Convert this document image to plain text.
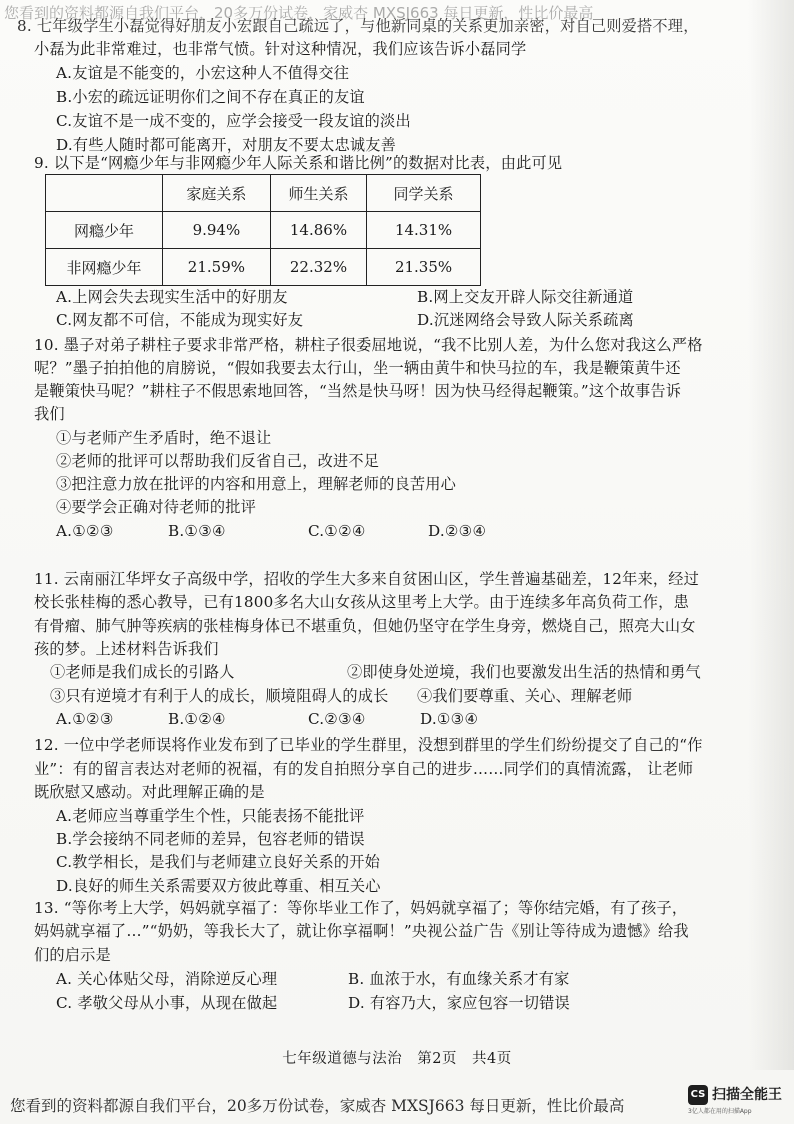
8. 七年级学生小磊觉得好朋友小宏跟自己疏远了，与他新同桌的关系更加亲密，对自己则爱搭不理，
小磊为此非常难过，也非常气愤。针对这种情况，我们应该告诉小磊同学
A.友谊是不能变的，小宏这种人不值得交往
B.小宏的疏远证明你们之间不存在真正的友谊
C.友谊不是一成不变的，应学会接受一段友谊的淡出
D.有些人随时都可能离开，对朋友不要太忠诚友善
9. 以下是“网瘾少年与非网瘾少年人际关系和谐比例”的数据对比表，由此可见
	家庭关系	师生关系	同学关系
网瘾少年	9.94%	14.86%	14.31%
非网瘾少年	21.59%	22.32%	21.35%
A.上网会失去现实生活中的好朋友	B.网上交友开辟人际交往新通道
C.网友都不可信，不能成为现实好友	D.沉迷网络会导致人际关系疏离
10. 墨子对弟子耕柱子要求非常严格，耕柱子很委屈地说，“我不比别人差，为什么您对我这么严格
呢？”墨子拍拍他的肩膀说，“假如我要去太行山，坐一辆由黄牛和快马拉的车，我是鞭策黄牛还
是鞭策快马呢？”耕柱子不假思索地回答，“当然是快马呀！因为快马经得起鞭策。”这个故事告诉
我们
①与老师产生矛盾时，绝不退让
②老师的批评可以帮助我们反省自己，改进不足
③把注意力放在批评的内容和用意上，理解老师的良苦用心
④要学会正确对待老师的批评
A.①②③	B.①③④	C.①②④	D.②③④
11. 云南丽江华坪女子高级中学，招收的学生大多来自贫困山区，学生普遍基础差，12年来，经过
校长张桂梅的悉心教导，已有1800多名大山女孩从这里考上大学。由于连续多年高负荷工作，患
有骨瘤、肺气肿等疾病的张桂梅身体已不堪重负，但她仍坚守在学生身旁，燃烧自己，照亮大山女
孩的梦。上述材料告诉我们
①老师是我们成长的引路人	②即使身处逆境，我们也要激发出生活的热情和勇气
③只有逆境才有利于人的成长，顺境阻碍人的成长 ④我们要尊重、关心、理解老师
A.①②③	B.①②④	C.②③④	D.①③④
12. 一位中学老师误将作业发布到了已毕业的学生群里，没想到群里的学生们纷纷提交了自己的“作
业”：有的留言表达对老师的祝福，有的发自拍照分享自己的进步……同学们的真情流露， 让老师
既欣慰又感动。对此理解正确的是
A.老师应当尊重学生个性，只能表扬不能批评
B.学会接纳不同老师的差异，包容老师的错误
C.教学相长，是我们与老师建立良好关系的开始
D.良好的师生关系需要双方彼此尊重、相互关心
13. “等你考上大学，妈妈就享福了：等你毕业工作了，妈妈就享福了；等你结完婚，有了孩子，
妈妈就享福了…”“奶奶，等我长大了，就让你享福啊！”央视公益广告《别让等待成为遗憾》给我
们的启示是
A. 关心体贴父母，消除逆反心理	B. 血浓于水，有血缘关系才有家
C. 孝敬父母从小事，从现在做起	D. 有容乃大，家应包容一切错误
七年级道德与法治　第2页　共4页
您看到的资料都源自我们平台，20多万份试卷，家威杏 MXSJ663 每日更新，性比价最高
您看到的资料都源自我们平台，20多万份试卷，家威杏 MXSJ663 每日更新，性比价最高
CS 扫描全能王
3亿人都在用的扫描App
